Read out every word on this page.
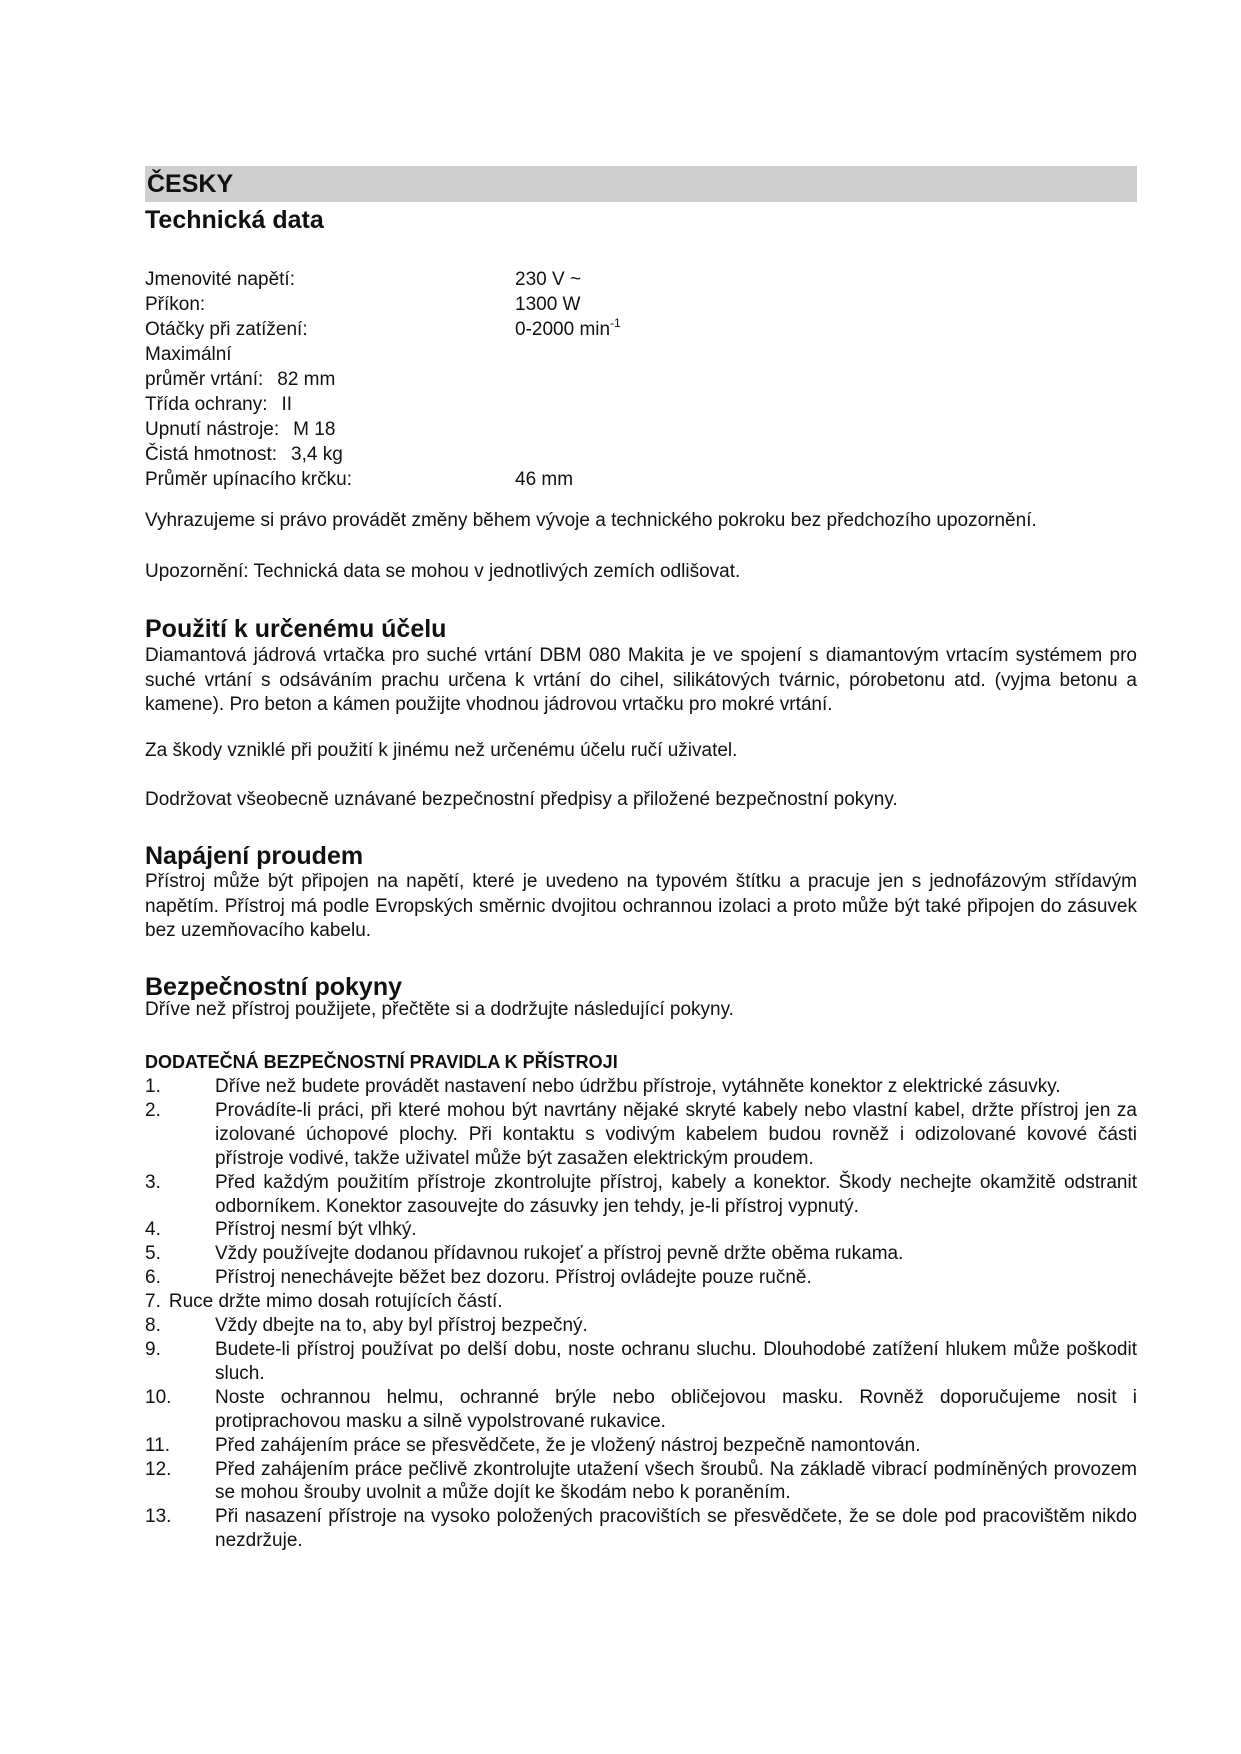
ČESKY
Technická data
Jmenovité napětí:	230 V ~
Příkon:	1300 W
Otáčky při zatížení:	0-2000 $\min^{-1}$
Maximální
průměr vrtání: 82 mm
Třída ochrany: II
Upnutí nástroje: M 18
Čistá hmotnost: 3,4 kg
Průměr upínacího krčku:	46 mm
Vyhrazujeme si právo provádět změny během vývoje a technického pokroku bez předchozího upozornění.
Upozornění: Technická data se mohou v jednotlivých zemích odlišovat.
Použití k určenému účelu
Diamantová jádrová vrtačka pro suché vrtání DBM 080 Makita je ve spojení s diamantovým vrtacím systémem pro suché vrtání s odsáváním prachu určena k vrtání do cihel, silikátových tvárnic, pórobetonu atd. (vyjma betonu a kamene). Pro beton a kámen použijte vhodnou jádrovou vrtačku pro mokré vrtání.
Za škody vzniklé při použití k jinému než určenému účelu ručí uživatel.
Dodržovat všeobecně uznávané bezpečnostní předpisy a přiložené bezpečnostní pokyny.
Napájení proudem
Přístroj může být připojen na napětí, které je uvedeno na typovém štítku a pracuje jen s jednofázovým střídavým napětím. Přístroj má podle Evropských směrnic dvojitou ochrannou izolaci a proto může být také připojen do zásuvek bez uzemňovacího kabelu.
Bezpečnostní pokyny
Dříve než přístroj použijete, přečtěte si a dodržujte následující pokyny.
DODATEČNÁ BEZPEČNOSTNÍ PRAVIDLA K PŘÍSTROJI
1.	Dříve než budete provádět nastavení nebo údržbu přístroje, vytáhněte konektor z elektrické zásuvky.
2.	Provádíte-li práci, při které mohou být navrtány nějaké skryté kabely nebo vlastní kabel, držte přístroj jen za izolované úchopové plochy. Při kontaktu s vodivým kabelem budou rovněž i odizolované kovové části přístroje vodivé, takže uživatel může být zasažen elektrickým proudem.
3.	Před každým použitím přístroje zkontrolujte přístroj, kabely a konektor. Škody nechejte okamžitě odstranit odborníkem. Konektor zasouvejte do zásuvky jen tehdy, je-li přístroj vypnutý.
4.	Přístroj nesmí být vlhký.
5.	Vždy používejte dodanou přídavnou rukojeť a přístroj pevně držte oběma rukama.
6.	Přístroj nenechávejte běžet bez dozoru. Přístroj ovládejte pouze ručně.
7. Ruce držte mimo dosah rotujících částí.
8.	Vždy dbejte na to, aby byl přístroj bezpečný.
9.	Budete-li přístroj používat po delší dobu, noste ochranu sluchu. Dlouhodobé zatížení hlukem může poškodit sluch.
10. Noste ochrannou helmu, ochranné brýle nebo obličejovou masku. Rovněž doporučujeme nosit i protiprachovou masku a silně vypolstrované rukavice.
11. Před zahájením práce se přesvědčete, že je vložený nástroj bezpečně namontován.
12. Před zahájením práce pečlivě zkontrolujte utažení všech šroubů. Na základě vibrací podmíněných provozem se mohou šrouby uvolnit a může dojít ke škodám nebo k poraněním.
13. Při nasazení přístroje na vysoko položených pracovištích se přesvědčete, že se dole pod pracovištěm nikdo nezdržuje.
